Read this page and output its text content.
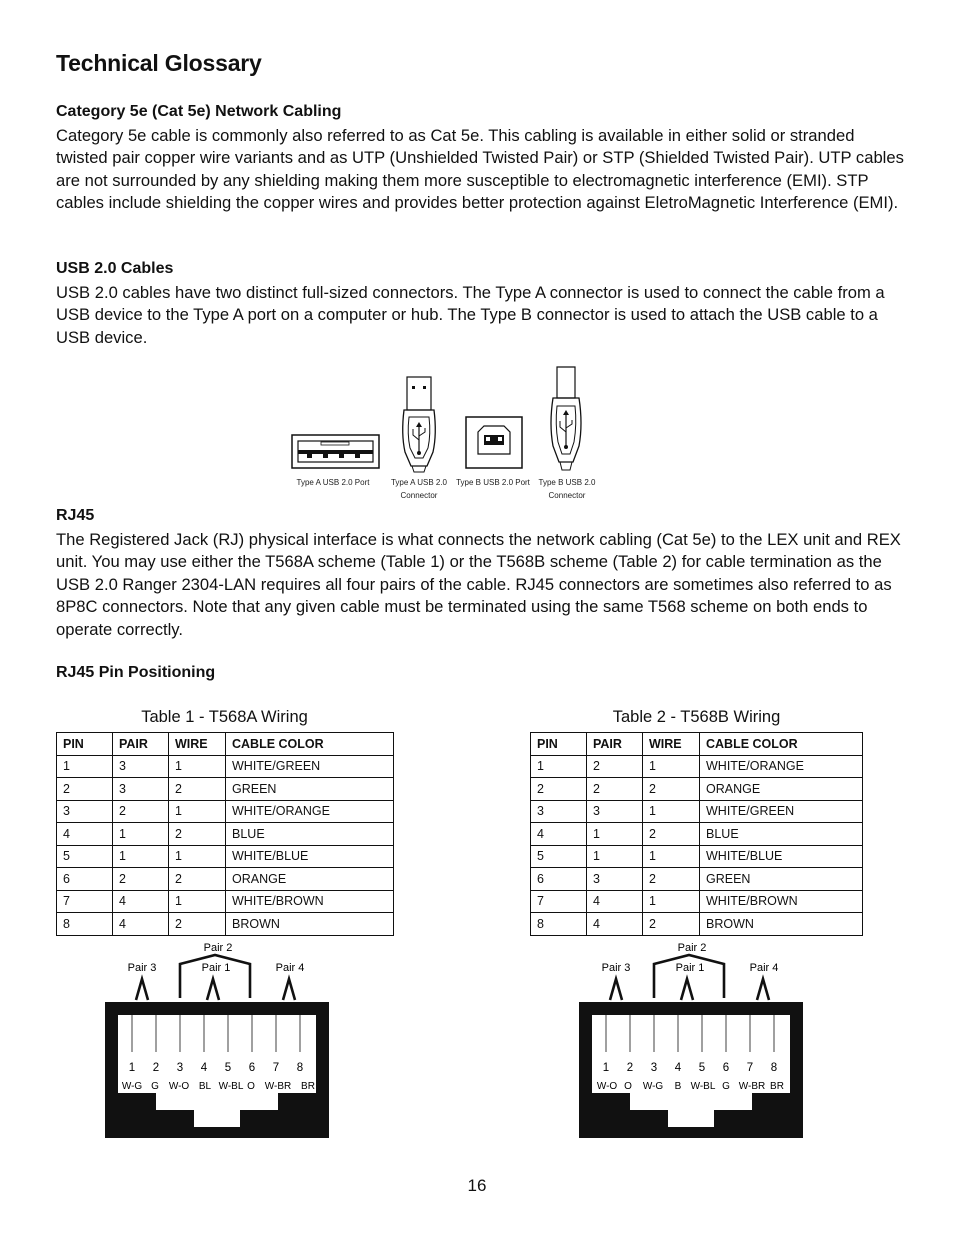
Technical Glossary
Category 5e (Cat 5e) Network Cabling

Category 5e cable is commonly also referred to as Cat 5e. This cabling is available in either solid or stranded twisted pair copper wire variants and as UTP (Unshielded Twisted Pair) or STP (Shielded Twisted Pair). UTP cables are not surrounded by any shielding making them more susceptible to electromagnetic interference (EMI). STP cables include shielding the copper wires and provides better protection against EletroMagnetic Interference (EMI).

USB 2.0 Cables

USB 2.0 cables have two distinct full-sized connectors. The Type A connector is used to connect the cable from a USB device to the Type A port on a computer or hub. The Type B connector is used to attach the USB cable to a USB device.

Type A USB 2.0 Port	Type A USB 2.0
Connector
Type B USB 2.0 Port	Type B USB 2.0
Connector
RJ45

The Registered Jack (RJ) physical interface is what connects the network cabling (Cat 5e) to the LEX unit and REX unit. You may use either the T568A scheme (Table 1) or the T568B scheme (Table 2) for cable termination as the USB 2.0 Ranger 2304-LAN requires all four pairs of the cable. RJ45 connectors are sometimes also referred to as 8P8C connectors. Note that any given cable must be terminated using the same T568 scheme on both ends to operate correctly.

RJ45 Pin Positioning
Table 1 - T568A Wiring
PIN	PAIR	WIRE	CABLE COLOR
1	3	1	WHITE/GREEN
2	3	2	GREEN
3	2	1	WHITE/ORANGE
4	1	2	BLUE
5	1	1	WHITE/BLUE
6	2	2	ORANGE
7	4	1	WHITE/BROWN
8	4	2	BROWN
Table 2 - T568B Wiring
PIN	PAIR	WIRE	CABLE COLOR
1	2	1	WHITE/ORANGE
2	2	2	ORANGE
3	3	1	WHITE/GREEN
4	1	2	BLUE
5	1	1	WHITE/BLUE
6	3	2	GREEN
7	4	1	WHITE/BROWN
8	4	2	BROWN
Pair 2
Pair 3	Pair 1	Pair 4
1 2 3 4 5 6 7 8
W-G G W-O BL W-BL O W-BR BR
Pair 2
Pair 3	Pair 1	Pair 4
1 2 3 4 5 6 7 8
W-O O W-G B W-BL G W-BR BR
16
